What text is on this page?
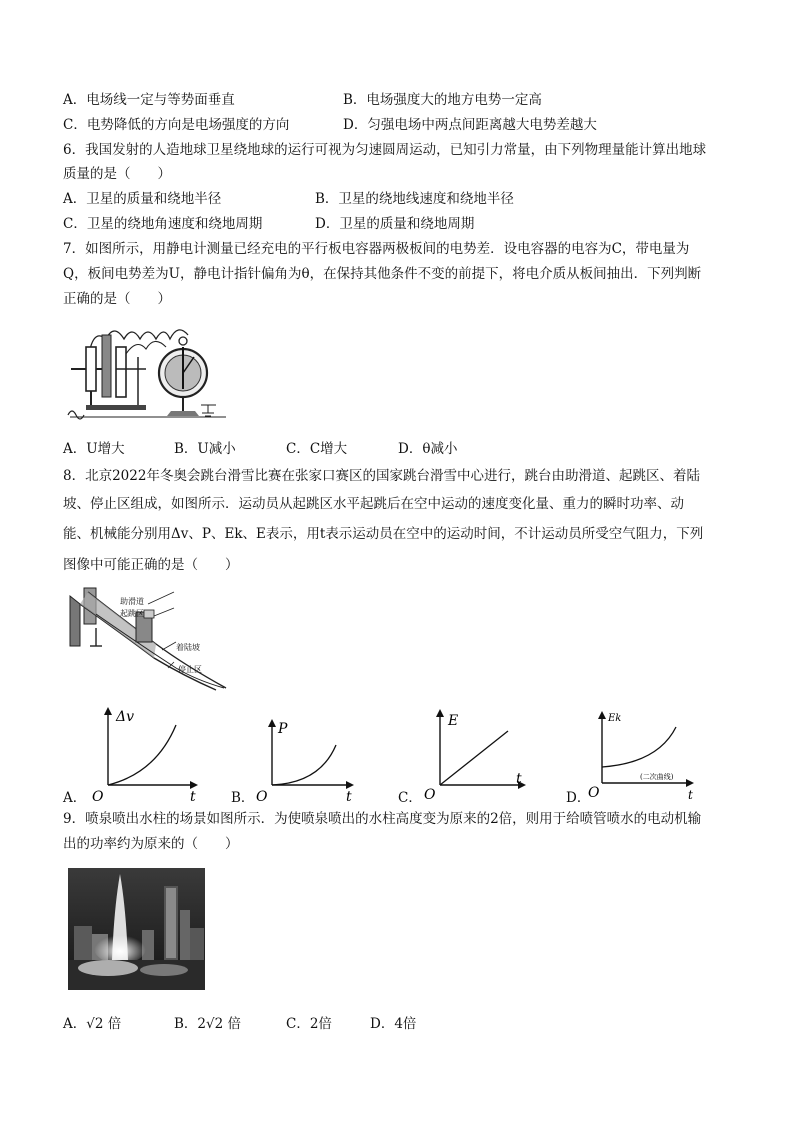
A．电场线一定与等势面垂直	B．电场强度大的地方电势一定高
C．电势降低的方向是电场强度的方向	D．匀强电场中两点间距离越大电势差越大
6．我国发射的人造地球卫星绕地球的运行可视为匀速圆周运动，已知引力常量，由下列物理量能计算出地球
质量的是（　　）
A．卫星的质量和绕地半径	B．卫星的绕地线速度和绕地半径
C．卫星的绕地角速度和绕地周期	D．卫星的质量和绕地周期
7．如图所示，用静电计测量已经充电的平行板电容器两极板间的电势差．设电容器的电容为C，带电量为
Q，板间电势差为U，静电计指针偏角为θ，在保持其他条件不变的前提下，将电介质从板间抽出．下列判断
正确的是（　　）
A．U增大	B．U减小	C．C增大	D．θ减小
8．北京2022年冬奥会跳台滑雪比赛在张家口赛区的国家跳台滑雪中心进行，跳台由助滑道、起跳区、着陆
坡、停止区组成，如图所示．运动员从起跳区水平起跳后在空中运动的速度变化量、重力的瞬时功率、动
能、机械能分别用Δv、P、Ek、E表示，用t表示运动员在空中的运动时间，不计运动员所受空气阻力，下列
图像中可能正确的是（　　）
助滑道
起跳区
着陆坡
停止区
A．
Δv
t
O	B．
P
t
O	C．
E
t
O	D．
Ek
t
O
(二次曲线)
9．喷泉喷出水柱的场景如图所示．为使喷泉喷出的水柱高度变为原来的2倍，则用于给喷管喷水的电动机输
出的功率约为原来的（　　）
A．√2 倍	B．2√2 倍	C．2倍	D．4倍
